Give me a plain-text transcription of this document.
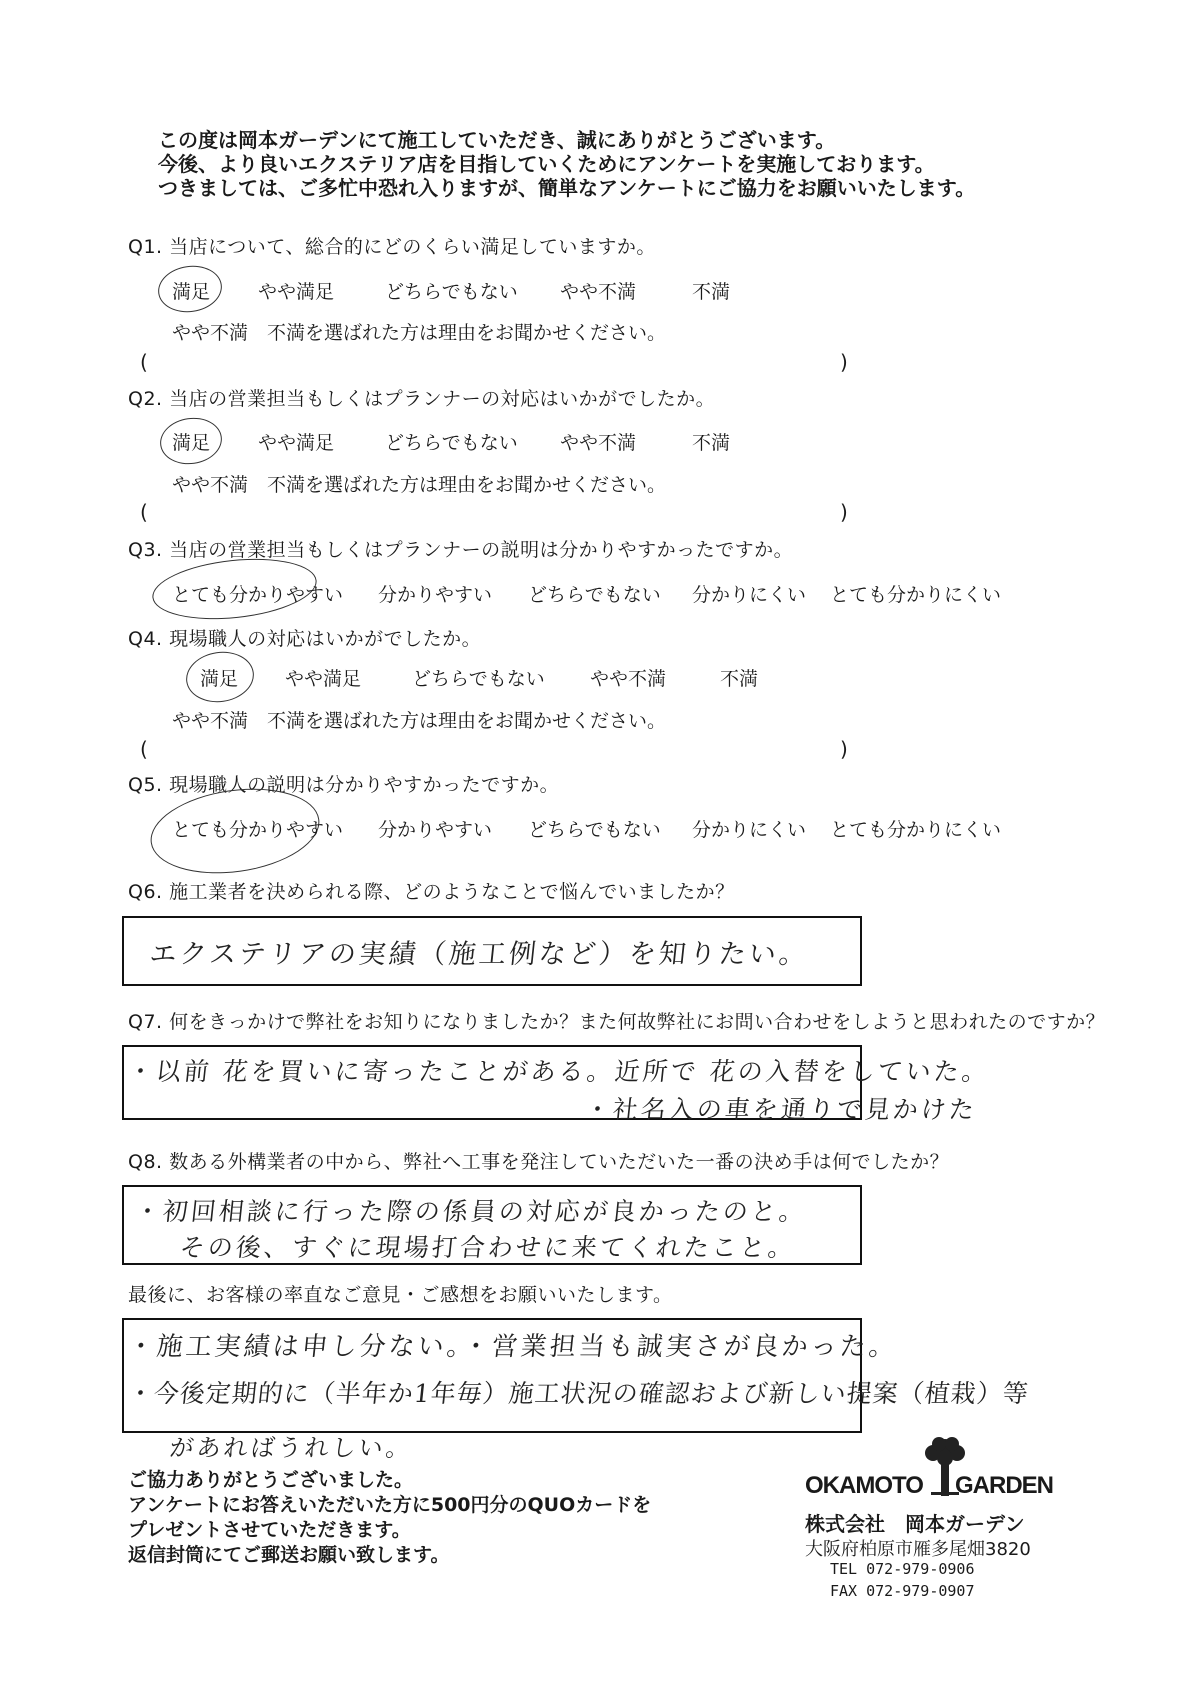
この度は岡本ガーデンにて施工していただき、誠にありがとうございます。
今後、より良いエクステリア店を目指していくためにアンケートを実施しております。
つきましては、ご多忙中恐れ入りますが、簡単なアンケートにご協力をお願いいたします。
Q1. 当店について、総合的にどのくらい満足していますか。
満足	やや満足	どちらでもない やや不満	不満
やや不満　不満を選ばれた方は理由をお聞かせください。
(	)
Q2. 当店の営業担当もしくはプランナーの対応はいかがでしたか。
満足	やや満足	どちらでもない やや不満	不満
やや不満　不満を選ばれた方は理由をお聞かせください。
(	)
Q3. 当店の営業担当もしくはプランナーの説明は分かりやすかったですか。
とても分かりやすい 分かりやすい どちらでもない 分かりにくい とても分かりにくい
Q4. 現場職人の対応はいかがでしたか。
満足 やや満足	どちらでもない やや不満	不満
やや不満　不満を選ばれた方は理由をお聞かせください。
(	)
Q5. 現場職人の説明は分かりやすかったですか。
とても分かりやすい 分かりやすい どちらでもない 分かりにくい とても分かりにくい
Q6. 施工業者を決められる際、どのようなことで悩んでいましたか？
エクステリアの実績（施工例など）を知りたい。
Q7. 何をきっかけで弊社をお知りになりましたか？また何故弊社にお問い合わせをしようと思われたのですか？
・以前 花を買いに寄ったことがある。近所で 花の入替をしていた。
・社名入の車を通りで見かけた
Q8. 数ある外構業者の中から、弊社へ工事を発注していただいた一番の決め手は何でしたか？
・初回相談に行った際の係員の対応が良かったのと。
その後、すぐに現場打合わせに来てくれたこと。
最後に、お客様の率直なご意見・ご感想をお願いいたします。
・施工実績は申し分ない。・営業担当も誠実さが良かった。
・今後定期的に（半年か1年毎）施工状況の確認および新しい提案（植栽）等
があればうれしい。
ご協力ありがとうございました。
アンケートにお答えいただいた方に500円分のQUOカードを
プレゼントさせていただきます。
返信封筒にてご郵送お願い致します。
OKAMOTO GARDEN
株式会社　岡本ガーデン
大阪府柏原市雁多尾畑3820
TEL 072-979-0906
FAX 072-979-0907
